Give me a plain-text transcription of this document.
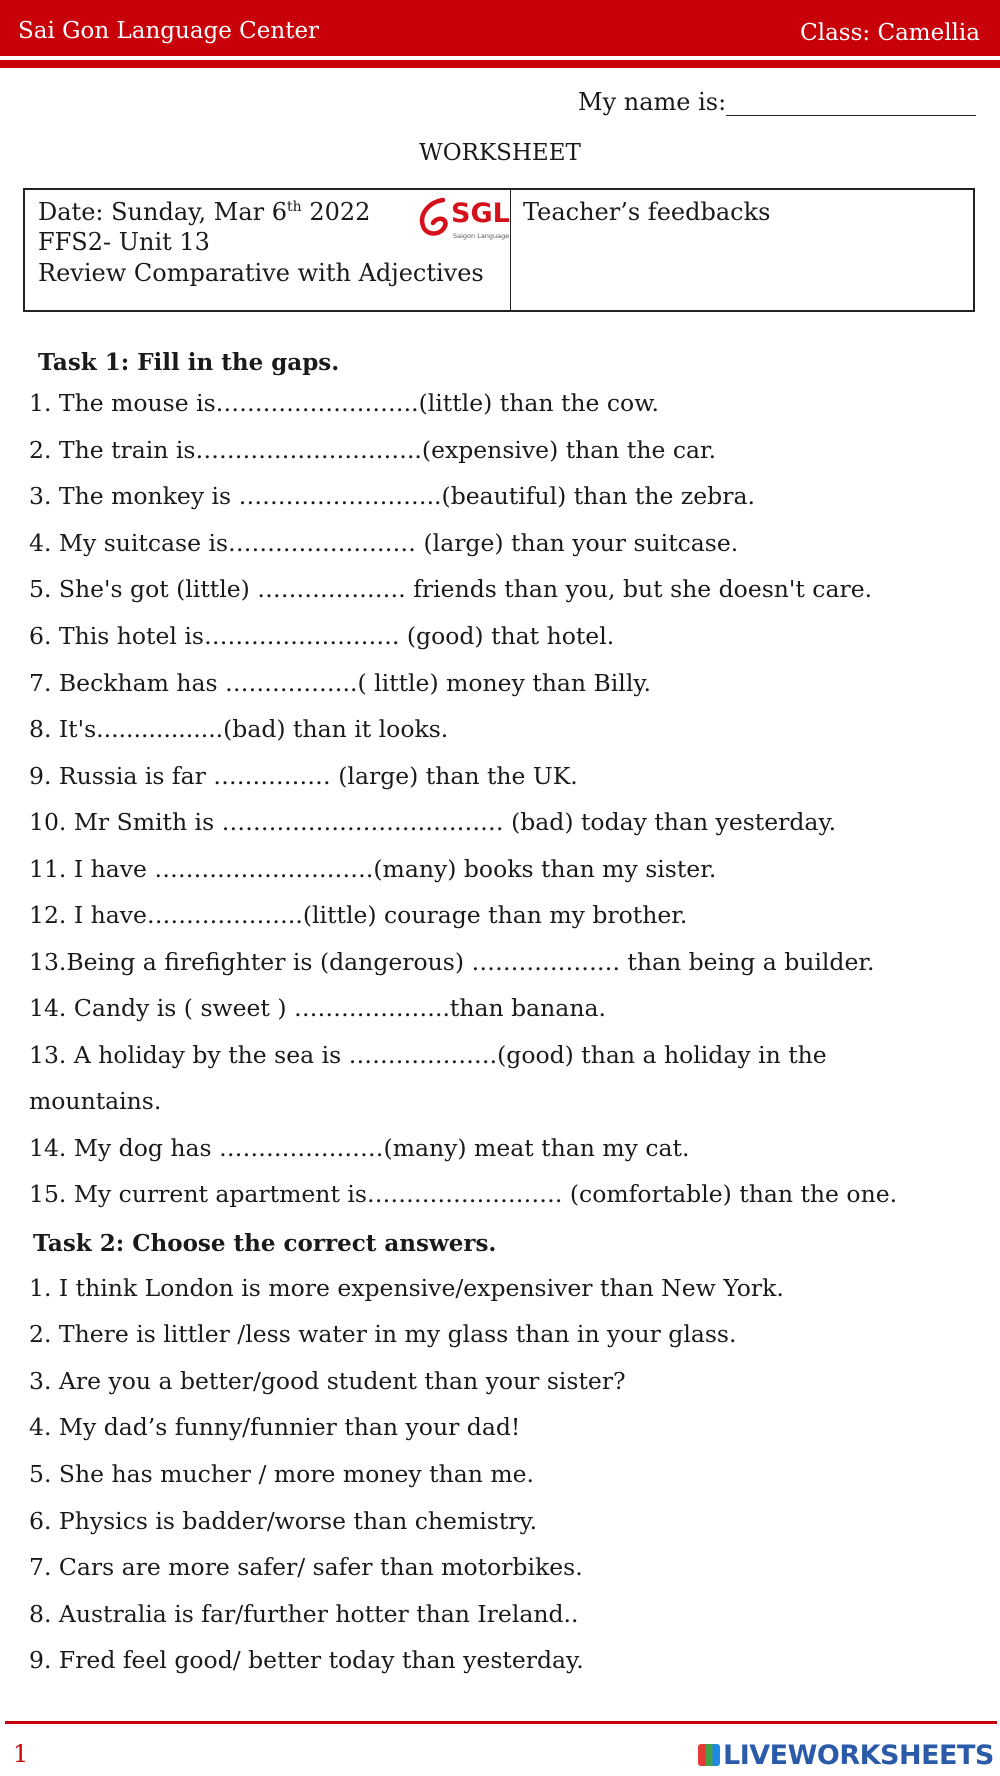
Sai Gon Language Center	Class: Camellia
My name is:
WORKSHEET
Date: Sunday, Mar 6th 2022
FFS2- Unit 13
Review Comparative with Adjectives
SGL
Saigon Language
Teacher’s feedbacks
Task 1: Fill in the gaps.
1. The mouse is……………………..(little) than the cow.
2. The train is………………………..(expensive) than the car.
3. The monkey is ……………………..(beautiful) than the zebra.
4. My suitcase is…………………… (large) than your suitcase.
5. She's got (little) ………………. friends than you, but she doesn't care.
6. This hotel is……………………. (good) that hotel.
7. Beckham has ……………..( little) money than Billy.
8. It's.................(bad) than it looks.
9. Russia is far …………… (large) than the UK.
10. Mr Smith is ……………………………… (bad) today than yesterday.
11. I have ……………………….(many) books than my sister.
12. I have………………..(little) courage than my brother.
13.Being a firefighter is (dangerous) ………………. than being a builder.
14. Candy is ( sweet ) ………………..than banana.
13. A holiday by the sea is ……………….(good) than a holiday in the
mountains.
14. My dog has …………………(many) meat than my cat.
15. My current apartment is……………………. (comfortable) than the one.
Task 2: Choose the correct answers.
1. I think London is more expensive/expensiver than New York.
2. There is littler /less water in my glass than in your glass.
3. Are you a better/good student than your sister?
4. My dad’s funny/funnier than your dad!
5. She has mucher / more money than me.
6. Physics is badder/worse than chemistry.
7. Cars are more safer/ safer than motorbikes.
8. Australia is far/further hotter than Ireland..
9. Fred feel good/ better today than yesterday.
1	LIVEWORKSHEETS
